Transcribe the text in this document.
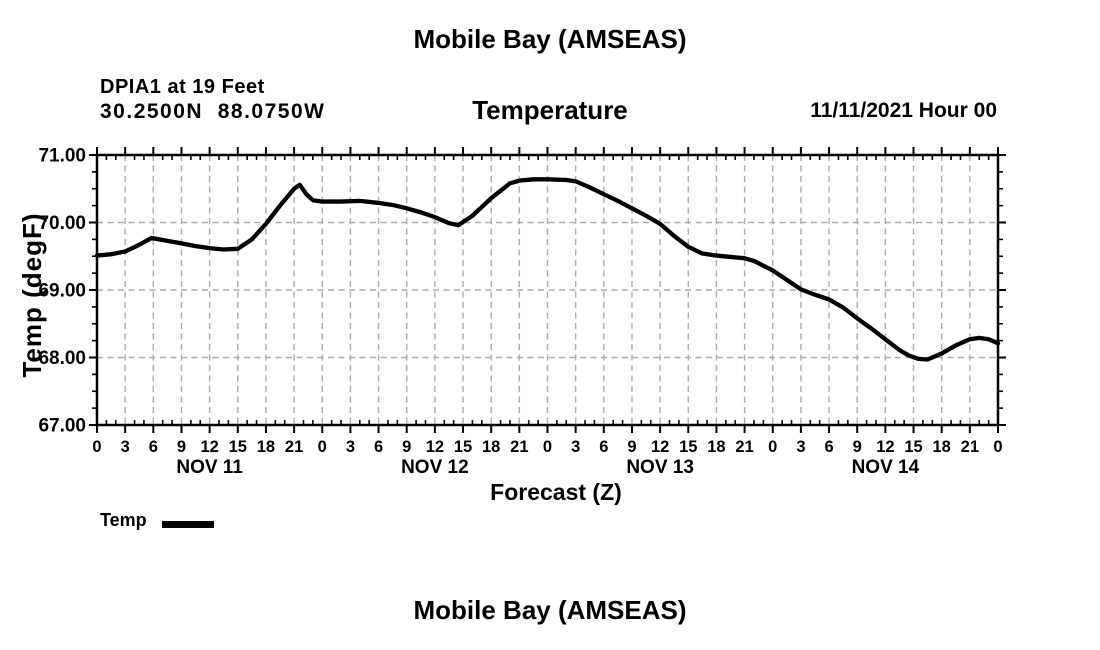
Mobile Bay (AMSEAS)
DPIA1 at 19 Feet
30.2500N  88.0750W	Temperature	11/11/2021 Hour 00
Temp (degF)
71.00
70.00
69.00
68.00
67.00
0 3 6 9 12 15 18 21 0 3 6 9 12 15 18 21 0 3 6 9 12 15 18 21 0 3 6 9 12 15 18 21 0
NOV 11	NOV 12	NOV 13	NOV 14
Forecast (Z)
Temp
Mobile Bay (AMSEAS)
